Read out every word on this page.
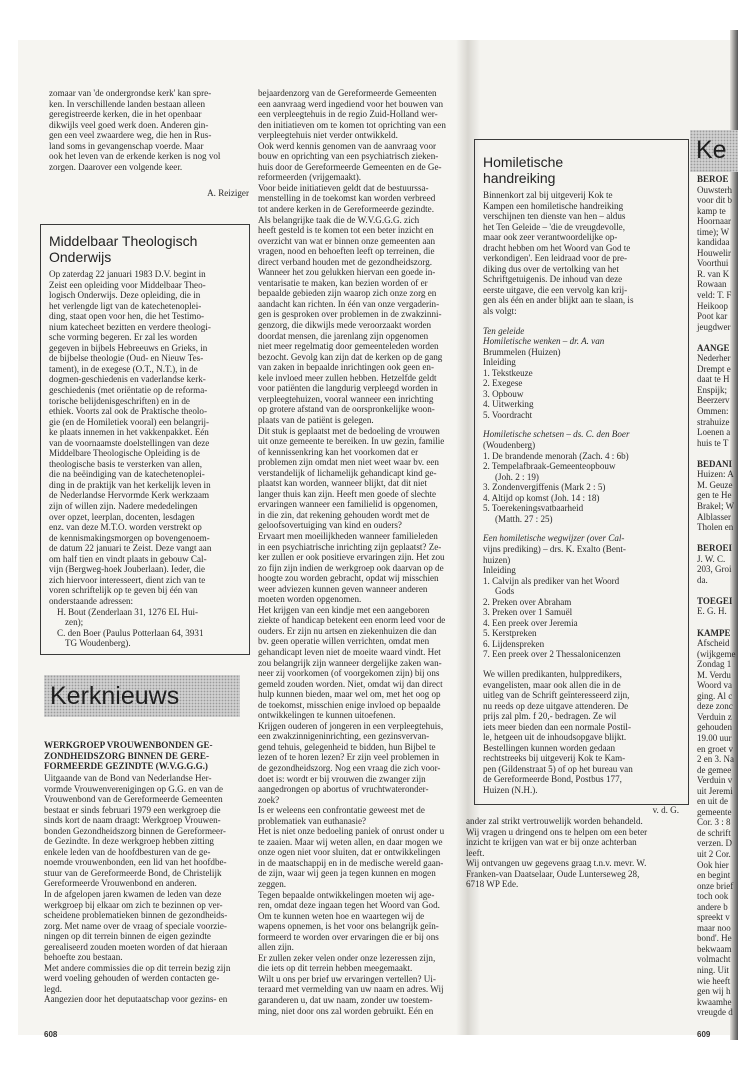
zomaar van 'de ondergrondse kerk' kan spre-
ken. In verschillende landen bestaan alleen
geregistreerde kerken, die in het openbaar
dikwijls veel goed werk doen. Anderen gin-
gen een veel zwaardere weg, die hen in Rus-
land soms in gevangenschap voerde. Maar
ook het leven van de erkende kerken is nog vol
zorgen. Daarover een volgende keer.
A. Reiziger
Middelbaar Theologisch Onderwijs
Op zaterdag 22 januari 1983 D.V. begint in
Zeist een opleiding voor Middelbaar Theo-
logisch Onderwijs. Deze opleiding, die in
het verlengde ligt van de katechetenoplei-
ding, staat open voor hen, die het Testimo-
nium katecheet bezitten en verdere theologi-
sche vorming begeren. Er zal les worden
gegeven in bijbels Hebreeuws en Grieks, in
de bijbelse theologie (Oud- en Nieuw Tes-
tament), in de exegese (O.T., N.T.), in de
dogmen-geschiedenis en vaderlandse kerk-
geschiedenis (met oriëntatie op de reforma-
torische belijdenisgeschriften) en in de
ethiek. Voorts zal ook de Praktische theolo-
gie (en de Homiletiek vooral) een belangrij-
ke plaats innemen in het vakkenpakket. Eén
van de voornaamste doelstellingen van deze
Middelbare Theologische Opleiding is de
theologische basis te versterken van allen,
die na beëindiging van de katechetenoplei-
ding in de praktijk van het kerkelijk leven in
de Nederlandse Hervormde Kerk werkzaam
zijn of willen zijn. Nadere mededelingen
over opzet, leerplan, docenten, lesdagen
enz. van deze M.T.O. worden verstrekt op
de kennismakingsmorgen op bovengenoem-
de datum 22 januari te Zeist. Deze vangt aan
om half tien en vindt plaats in gebouw Cal-
vijn (Bergweg-hoek Jouberlaan). Ieder, die
zich hiervoor interesseert, dient zich van te
voren schriftelijk op te geven bij één van
onderstaande adressen:
H. Bout (Zenderlaan 31, 1276 EL Hui-
zen);
C. den Boer (Paulus Potterlaan 64, 3931
TG Woudenberg).
Kerknieuws
WERKGROEP VROUWENBONDEN GE-
ZONDHEIDSZORG BINNEN DE GERE-
FORMEERDE GEZINDTE (W.V.G.G.G.)
Uitgaande van de Bond van Nederlandse Her-
vormde Vrouwenverenigingen op G.G. en van de
Vrouwenbond van de Gereformeerde Gemeenten
bestaat er sinds februari 1979 een werkgroep die
sinds kort de naam draagt: Werkgroep Vrouwen-
bonden Gezondheidszorg binnen de Gereformeer-
de Gezindte. In deze werkgroep hebben zitting
enkele leden van de hoofdbesturen van de ge-
noemde vrouwenbonden, een lid van het hoofdbe-
stuur van de Gereformeerde Bond, de Christelijk
Gereformeerde Vrouwenbond en anderen.
In de afgelopen jaren kwamen de leden van deze
werkgroep bij elkaar om zich te bezinnen op ver-
scheidene problematieken binnen de gezondheids-
zorg. Met name over de vraag of speciale voorzie-
ningen op dit terrein binnen de eigen gezindte
gerealiseerd zouden moeten worden of dat hieraan
behoefte zou bestaan.
Met andere commissies die op dit terrein bezig zijn
werd voeling gehouden of werden contacten ge-
legd.
Aangezien door het deputaatschap voor gezins- en
bejaardenzorg van de Gereformeerde Gemeenten
een aanvraag werd ingediend voor het bouwen van
een verpleegtehuis in de regio Zuid-Holland wer-
den initiatieven om te komen tot oprichting van een
verpleegtehuis niet verder ontwikkeld.
Ook werd kennis genomen van de aanvraag voor
bouw en oprichting van een psychiatrisch zieken-
huis door de Gereformeerde Gemeenten en de Ge-
reformeerden (vrijgemaakt).
Voor beide initiatieven geldt dat de bestuurssa-
menstelling in de toekomst kan worden verbreed
tot andere kerken in de Gereformeerde gezindte.
Als belangrijke taak die de W.V.G.G.G. zich
heeft gesteld is te komen tot een beter inzicht en
overzicht van wat er binnen onze gemeenten aan
vragen, nood en behoeften leeft op terreinen, die
direct verband houden met de gezondheidszorg.
Wanneer het zou gelukken hiervan een goede in-
ventarisatie te maken, kan bezien worden of er
bepaalde gebieden zijn waarop zich onze zorg en
aandacht kan richten. In één van onze vergaderin-
gen is gesproken over problemen in de zwakzinni-
genzorg, die dikwijls mede veroorzaakt worden
doordat mensen, die jarenlang zijn opgenomen
niet meer regelmatig door gemeenteleden worden
bezocht. Gevolg kan zijn dat de kerken op de gang
van zaken in bepaalde inrichtingen ook geen en-
kele invloed meer zullen hebben. Hetzelfde geldt
voor patiënten die langdurig verpleegd worden in
verpleegtehuizen, vooral wanneer een inrichting
op grotere afstand van de oorspronkelijke woon-
plaats van de patiënt is gelegen.
Dit stuk is geplaatst met de bedoeling de vrouwen
uit onze gemeente te bereiken. In uw gezin, familie
of kennissenkring kan het voorkomen dat er
problemen zijn omdat men niet weet waar bv. een
verstandelijk of lichamelijk gehandicapt kind ge-
plaatst kan worden, wanneer blijkt, dat dit niet
langer thuis kan zijn. Heeft men goede of slechte
ervaringen wanneer een familielid is opgenomen,
in die zin, dat rekening gehouden wordt met de
geloofsovertuiging van kind en ouders?
Ervaart men moeilijkheden wanneer familieleden
in een psychiatrische inrichting zijn geplaatst? Ze-
ker zullen er ook positieve ervaringen zijn. Het zou
zo fijn zijn indien de werkgroep ook daarvan op de
hoogte zou worden gebracht, opdat wij misschien
weer adviezen kunnen geven wanneer anderen
moeten worden opgenomen.
Het krijgen van een kindje met een aangeboren
ziekte of handicap betekent een enorm leed voor de
ouders. Er zijn nu artsen en ziekenhuizen die dan
bv. geen operatie willen verrichten, omdat men
gehandicapt leven niet de moeite waard vindt. Het
zou belangrijk zijn wanneer dergelijke zaken wan-
neer zij voorkomen (of voorgekomen zijn) bij ons
gemeld zouden worden. Niet, omdat wij dan direct
hulp kunnen bieden, maar wel om, met het oog op
de toekomst, misschien enige invloed op bepaalde
ontwikkelingen te kunnen uitoefenen.
Krijgen ouderen of jongeren in een verpleegtehuis,
een zwakzinnigeninrichting, een gezinsvervan-
gend tehuis, gelegenheid te bidden, hun Bijbel te
lezen of te horen lezen? Er zijn veel problemen in
de gezondheidszorg. Nog een vraag die zich voor-
doet is: wordt er bij vrouwen die zwanger zijn
aangedrongen op abortus of vruchtwateronder-
zoek?
Is er weleens een confrontatie geweest met de
problematiek van euthanasie?
Het is niet onze bedoeling paniek of onrust onder u
te zaaien. Maar wij weten allen, en daar mogen we
onze ogen niet voor sluiten, dat er ontwikkelingen
in de maatschappij en in de medische wereld gaan-
de zijn, waar wij geen ja tegen kunnen en mogen
zeggen.
Tegen bepaalde ontwikkelingen moeten wij age-
ren, omdat deze ingaan tegen het Woord van God.
Om te kunnen weten hoe en waartegen wij de
wapens opnemen, is het voor ons belangrijk geïn-
formeerd te worden over ervaringen die er bij ons
allen zijn.
Er zullen zeker velen onder onze lezeressen zijn,
die iets op dit terrein hebben meegemaakt.
Wilt u ons per brief uw ervaringen vertellen? Ui-
teraard met vermelding van uw naam en adres. Wij
garanderen u, dat uw naam, zonder uw toestem-
ming, niet door ons zal worden gebruikt. Eén en
Homiletische handreiking
Binnenkort zal bij uitgeverij Kok te
Kampen een homiletische handreiking
verschijnen ten dienste van hen – aldus
het Ten Geleide – 'die de vreugdevolle,
maar ook zeer verantwoordelijke op-
dracht hebben om het Woord van God te
verkondigen'. Een leidraad voor de pre-
diking dus over de vertolking van het
Schriftgetuigenis. De inhoud van deze
eerste uitgave, die een vervolg kan krij-
gen als één en ander blijkt aan te slaan, is
als volgt:
Ten geleide
Homiletische wenken – dr. A. van
Brummelen (Huizen)
Inleiding
1. Tekstkeuze
2. Exegese
3. Opbouw
4. Uitwerking
5. Voordracht
Homiletische schetsen – ds. C. den Boer
(Woudenberg)
1. De brandende menorah (Zach. 4 : 6b)
2. Tempelafbraak-Gemeenteopbouw
(Joh. 2 : 19)
3. Zondenvergiffenis (Mark 2 : 5)
4. Altijd op komst (Joh. 14 : 18)
5. Toerekeningsvatbaarheid
(Matth. 27 : 25)
Een homiletische wegwijzer (over Cal-
vijns prediking) – drs. K. Exalto (Bent-
huizen)
Inleiding
1. Calvijn als prediker van het Woord
Gods
2. Preken over Abraham
3. Preken over 1 Samuël
4. Een preek over Jeremia
5. Kerstpreken
6. Lijdenspreken
7. Een preek over 2 Thessalonicenzen
We willen predikanten, hulppredikers,
evangelisten, maar ook allen die in de
uitleg van de Schrift geïnteresseerd zijn,
nu reeds op deze uitgave attenderen. De
prijs zal plm. f 20,- bedragen. Ze wil
iets meer bieden dan een normale Postil-
le, hetgeen uit de inhoudsopgave blijkt.
Bestellingen kunnen worden gedaan
rechtstreeks bij uitgeverij Kok te Kam-
pen (Gildenstraat 5) of op het bureau van
de Gereformeerde Bond, Postbus 177,
Huizen (N.H.).
v. d. G.
ander zal strikt vertrouwelijk worden behandeld.
Wij vragen u dringend ons te helpen om een beter
inzicht te krijgen van wat er bij onze achterban
leeft.
Wij ontvangen uw gegevens graag t.n.v. mevr. W.
Franken-van Daatselaar, Oude Lunterseweg 28,
6718 WP Ede.
Ke
BEROE
Ouwsterh
voor dit b
kamp te
Hoornaar
time); W
kandidaa
Houwelir
Voorthui
R. van K
Rowaan
veld: T. F
Heikoop
Poot kar
jeugdwer

AANGE
Nederher
Drempt e
daat te H
Enspijk;
Beerzerv
Ommen:
strahuize
Loenen a
huis te T

BEDANI
Huizen: A
M. Geuze
gen te He
Brakel; W
Alblasser
Tholen en

BEROEI
J. W. C.
203, Groi
da.

TOEGEI
E. G. H.

KAMPE
Afscheid
(wijkgeme
Zondag 1
M. Verdu
Woord va
ging. Al c
deze zonc
Verduin z
gehouden
19.00 uur
en groet v
2 en 3. Na
de gemee
Verduin v
uit Jeremi
en uit de
gemeente
Cor. 3 : 8
de schrift
verzen. D
uit 2 Cor.
Ook hier
en begint
onze brief
toch ook
andere b
spreekt v
maar noo
bond'. He
bekwaam
volmacht
ning. Uit
wie heeft
gen wij h
kwaamhe
vreugde d
608	609
